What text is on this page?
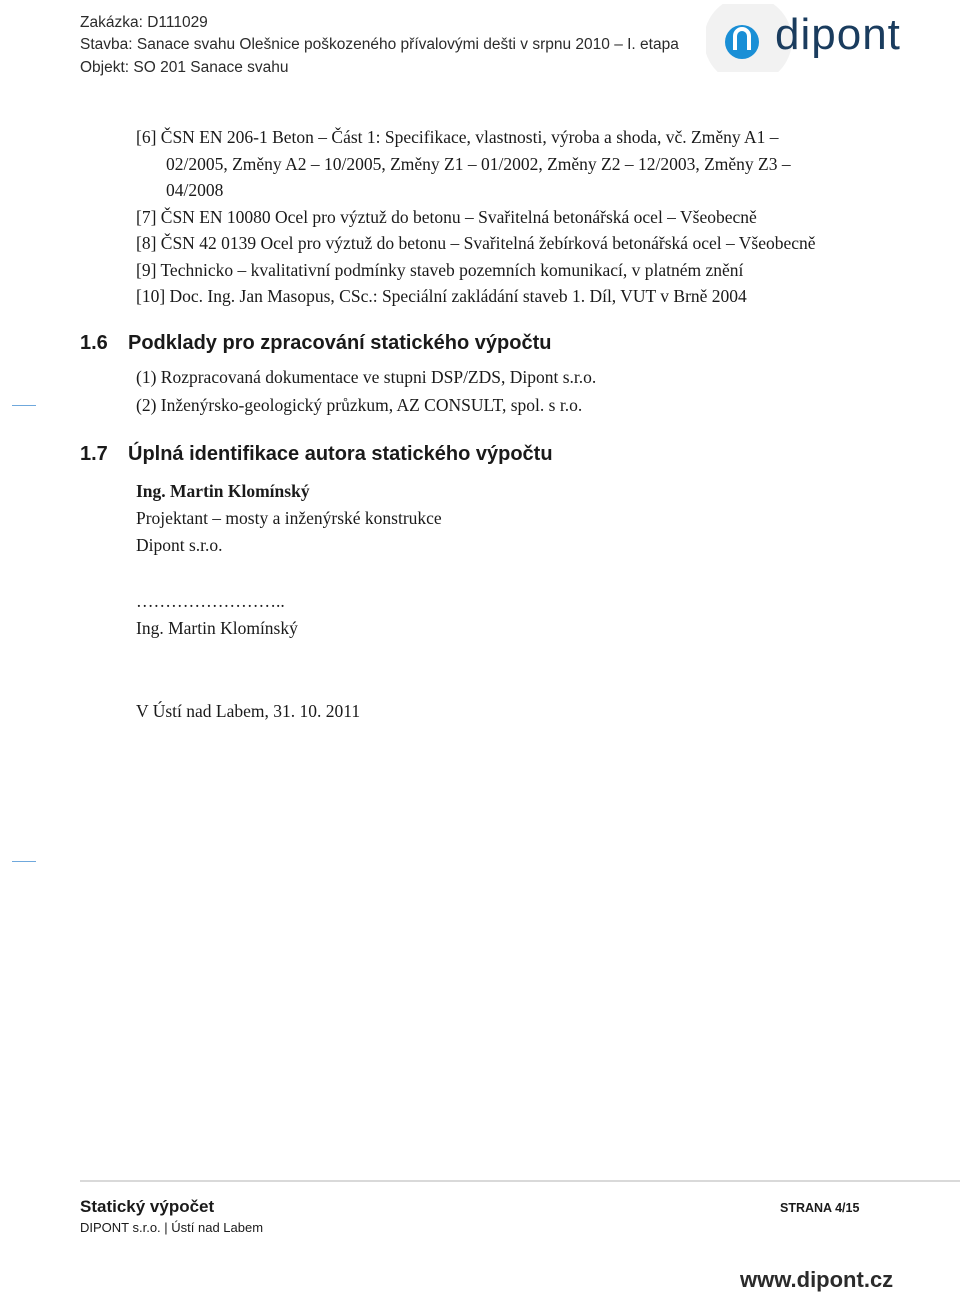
Zakázka: D111029
Stavba: Sanace svahu Olešnice poškozeného přívalovými dešti v srpnu 2010 – I. etapa
Objekt: SO 201 Sanace svahu
dipont
[6] ČSN EN 206-1 Beton – Část 1: Specifikace, vlastnosti, výroba a shoda, vč. Změny A1 –
02/2005, Změny A2 – 10/2005, Změny Z1 – 01/2002, Změny Z2 – 12/2003, Změny Z3 –
04/2008
[7] ČSN EN 10080 Ocel pro výztuž do betonu – Svařitelná betonářská ocel – Všeobecně
[8] ČSN 42 0139 Ocel pro výztuž do betonu – Svařitelná žebírková betonářská ocel – Všeobecně
[9] Technicko – kvalitativní podmínky staveb pozemních komunikací, v platném znění
[10] Doc. Ing. Jan Masopus, CSc.: Speciální zakládání staveb 1. Díl, VUT v Brně 2004
1.6 Podklady pro zpracování statického výpočtu
(1) Rozpracovaná dokumentace ve stupni DSP/ZDS, Dipont s.r.o.
(2) Inženýrsko-geologický průzkum, AZ CONSULT, spol. s r.o.
1.7 Úplná identifikace autora statického výpočtu
Ing. Martin Klomínský
Projektant – mosty a inženýrské konstrukce
Dipont s.r.o.
……………………..
Ing. Martin Klomínský
V Ústí nad Labem, 31. 10. 2011
Statický výpočet
DIPONT s.r.o. | Ústí nad Labem
STRANA 4/15
www.dipont.cz
